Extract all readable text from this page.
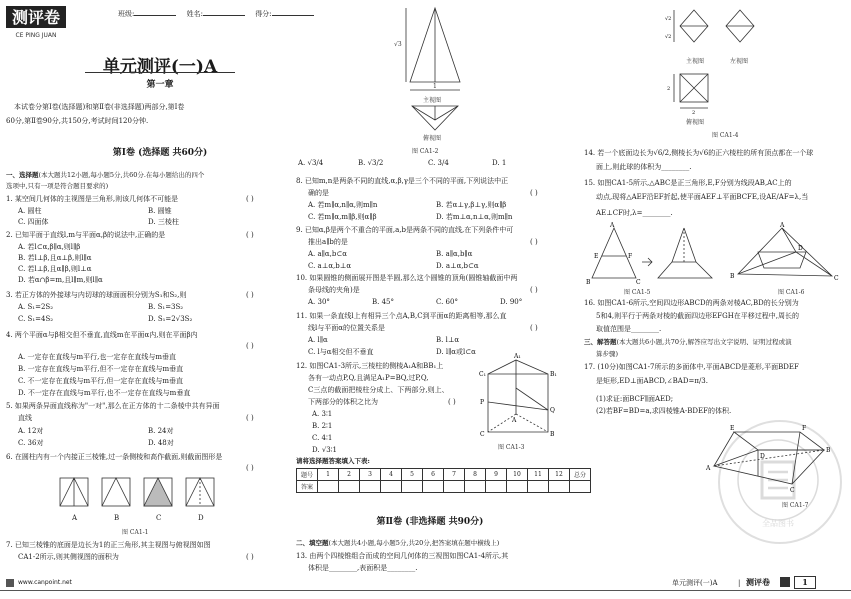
测评卷
CE PING JUAN
班级:	姓名:	得分:
单元测评(一)A
第一章
本试卷分第Ⅰ卷(选择题)和第Ⅱ卷(非选择题)两部分,第Ⅰ卷
60分,第Ⅱ卷90分,共150分,考试时间120分钟.
第Ⅰ卷 (选择题 共60分)
一、选择题(本大题共12小题,每小题5分,共60分.在每小题给出的四个
选项中,只有一项是符合题目要求的)
1. 某空间几何体的主视图是三角形,则该几何体不可能是	( )
A. 圆柱	B. 圆锥
C. 四面体	D. 三棱柱
2. 已知平面于直线l,m与平面α,β的说法中,正确的是	( )
A. 若l⊂α,β∥α,则l∥β
B. 若l⊥β,且α⊥β,则l∥α
C. 若l⊥β,且α∥β,则l⊥α
D. 若α∩β=m,且l∥m,则l∥α
3. 若正方体的外接球与内切球的球面面积分别为S₁和S₂,则	( )
A. S₁=2S₂	B. S₁=3S₂
C. S₁=4S₂	D. S₁=2√3S₂
4. 两个平面α与β相交但不垂直,直线m在平面α内,则在平面β内
( )
A. 一定存在直线与m平行,也一定存在直线与m垂直
B. 一定存在直线与m平行,但不一定存在直线与m垂直
C. 不一定存在直线与m平行,但一定存在直线与m垂直
D. 不一定存在直线与m平行,也不一定存在直线与m垂直
5. 如果两条异面直线称为"一对",那么在正方体的十二条棱中共有异面
直线	( )
A. 12对	B. 24对
C. 36对	D. 48对
6. 在圆柱内有一个内接正三棱锥,过一条侧棱和高作截面,则截面图形是
( )
A	B	C	D
图 CA1-1
7. 已知三棱锥的底面是边长为1的正三角形,其主视图与俯视图如图
CA1-2所示,则其侧视图的面积为	( )
√3
1
主视图
俯视图
图 CA1-2
A. √3/4	B. √3/2	C. 3/4	D. 1
8. 已知m,n是两条不同的直线,α,β,γ是三个不同的平面,下列说法中正
确的是	( )
A. 若m∥α,n∥α,则m∥n	B. 若α⊥γ,β⊥γ,则α∥β
C. 若m∥α,m∥β,则α∥β	D. 若m⊥α,n⊥α,则m∥n
9. 已知α,β是两个不重合的平面,a,b是两条不同的直线,在下列条件中可
推出a∥b的是	( )
A. a∥α,b⊂α	B. a∥α,b∥α
C. a⊥α,b⊥α	D. a⊥α,b⊂α
10. 如果圆锥的侧面展开图是半圆,那么这个圆锥的顶角(圆锥轴截面中两
条母线的夹角)是	( )
A. 30°	B. 45°	C. 60°	D. 90°
11. 如果一条直线l上有相异三个点A,B,C到平面α的距离相等,那么直
线l与平面α的位置关系是	( )
A. l∥α	B. l⊥α
C. l与α相交但不垂直	D. l∥α或l⊂α
12. 如图CA1-3所示,三棱柱的侧棱A₁A和BB₁上
各有一动点P,Q,且满足A₁P=BQ,过P,Q,
C三点的截面把棱柱分成上、下两部分,则上、
下两部分的体积之比为	( )
A. 3∶1
B. 2∶1
C. 4∶1
D. √3∶1
C₁
A₁
B₁
P
Q
C	B
A
图 CA1-3
请将选择题答案填入下表:
题号	1	2	3	4	5	6	7	8	9	10	11	12	总分
答案													
第Ⅱ卷 (非选择题 共90分)
二、填空题(本大题共4小题,每小题5分,共20分,把答案填在题中横线上)
13. 由两个四棱锥组合而成的空间几何体的三视图如图CA1-4所示,其
体积是________,表面积是________.
√2
√2
2
2
主视图	左视图
俯视图
图 CA1-4
14. 若一个底面边长为√6/2,侧棱长为√6的正六棱柱的所有顶点都在一个球
面上,则此球的体积为________.
15. 如图CA1-5所示,△ABC是正三角形,E,F分别为线段AB,AC上的
动点,现将△AEF沿EF折起,使平面AEF⊥平面BCFE,设AE/AF=λ,当
AE⊥CF时,λ=________.
A
E	F
B	C
A
B
D
C
图 CA1-5	图 CA1-6
16. 如图CA1-6所示,空间四边形ABCD的两条对棱AC,BD的长分别为
5和4,则平行于两条对棱的截面四边形EFGH在平移过程中,周长的
取值范围是________.
三、解答题(本大题共6小题,共70分,解答应写出文字说明、证明过程或演
算步骤)
17. (10分)如图CA1-7所示的多面体中,平面ABCD是菱形,平面BDEF
是矩形,ED⊥面ABCD,∠BAD=π/3.
(1)求证:面BCF∥面AED;
(2)若BF=BD=a,求四棱锥A-BDEF的体积.
全品图书
E	F
A
D
B
C
图 CA1-7
www.canpoint.net	单元测评(一)A	| 测评卷	1
